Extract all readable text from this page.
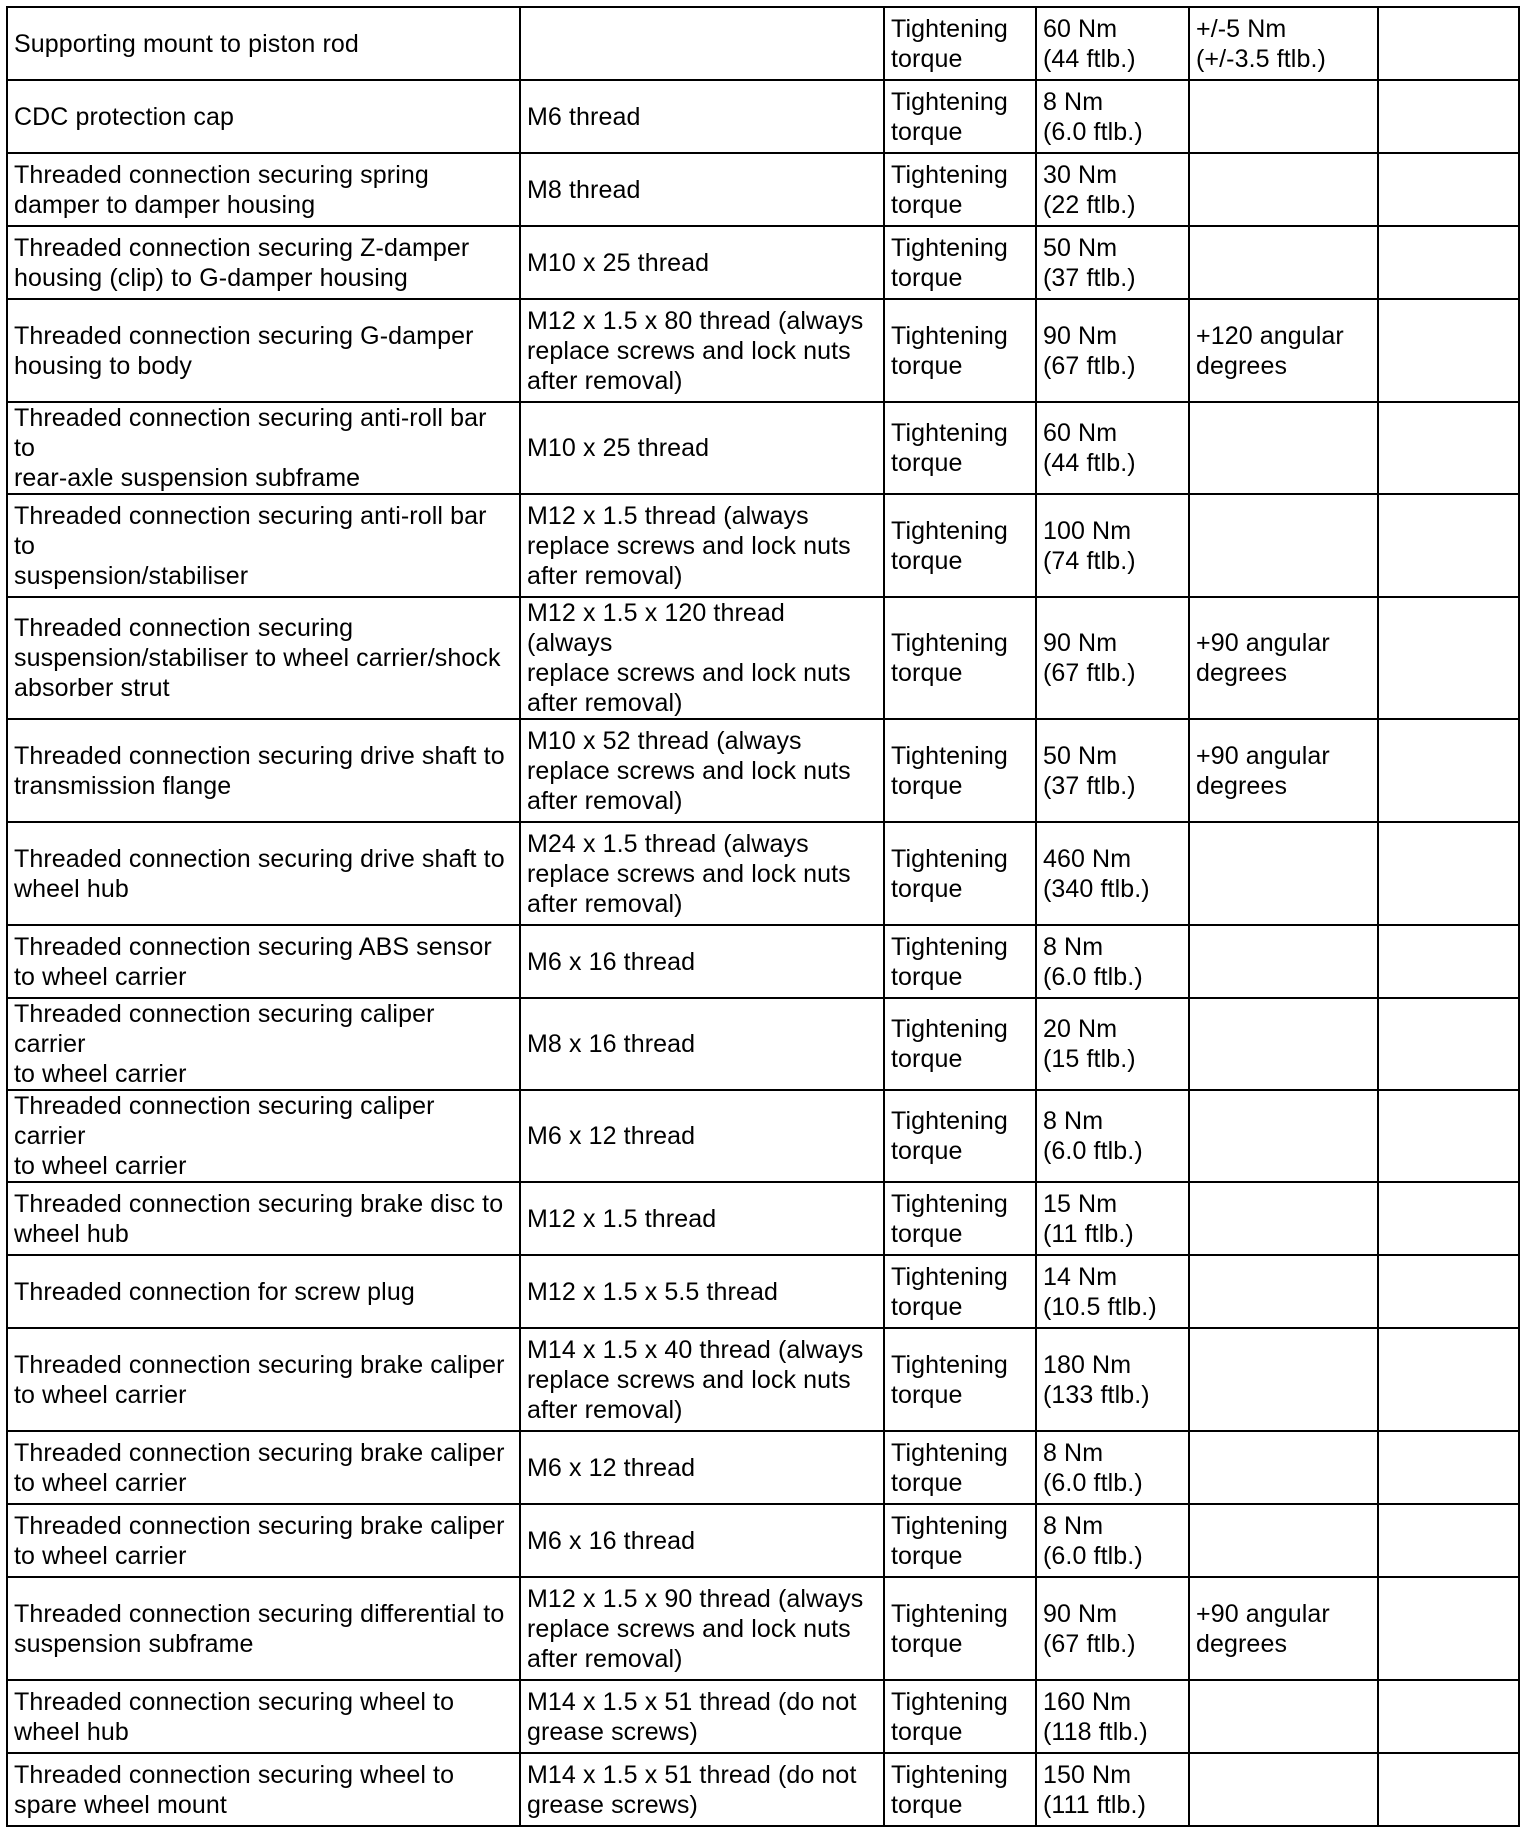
Supporting mount to piston rod		Tightening
torque	60 Nm
(44 ftlb.)	+/-5 Nm
(+/-3.5 ftlb.)	
CDC protection cap	M6 thread	Tightening
torque	8 Nm
(6.0 ftlb.)		
Threaded connection securing spring
damper to damper housing	M8 thread	Tightening
torque	30 Nm
(22 ftlb.)		
Threaded connection securing Z-damper
housing (clip) to G-damper housing	M10 x 25 thread	Tightening
torque	50 Nm
(37 ftlb.)		
Threaded connection securing G-damper
housing to body	M12 x 1.5 x 80 thread (always
replace screws and lock nuts
after removal)	Tightening
torque	90 Nm
(67 ftlb.)	+120 angular
degrees	
Threaded connection securing anti-roll bar to
rear-axle suspension subframe	M10 x 25 thread	Tightening
torque	60 Nm
(44 ftlb.)		
Threaded connection securing anti-roll bar to
suspension/stabiliser	M12 x 1.5 thread (always
replace screws and lock nuts
after removal)	Tightening
torque	100 Nm
(74 ftlb.)		
Threaded connection securing
suspension/stabiliser to wheel carrier/shock
absorber strut	M12 x 1.5 x 120 thread (always
replace screws and lock nuts
after removal)	Tightening
torque	90 Nm
(67 ftlb.)	+90 angular
degrees	
Threaded connection securing drive shaft to
transmission flange	M10 x 52 thread (always
replace screws and lock nuts
after removal)	Tightening
torque	50 Nm
(37 ftlb.)	+90 angular
degrees	
Threaded connection securing drive shaft to
wheel hub	M24 x 1.5 thread (always
replace screws and lock nuts
after removal)	Tightening
torque	460 Nm
(340 ftlb.)		
Threaded connection securing ABS sensor
to wheel carrier	M6 x 16 thread	Tightening
torque	8 Nm
(6.0 ftlb.)		
Threaded connection securing caliper carrier
to wheel carrier	M8 x 16 thread	Tightening
torque	20 Nm
(15 ftlb.)		
Threaded connection securing caliper carrier
to wheel carrier	M6 x 12 thread	Tightening
torque	8 Nm
(6.0 ftlb.)		
Threaded connection securing brake disc to
wheel hub	M12 x 1.5 thread	Tightening
torque	15 Nm
(11 ftlb.)		
Threaded connection for screw plug	M12 x 1.5 x 5.5 thread	Tightening
torque	14 Nm
(10.5 ftlb.)		
Threaded connection securing brake caliper
to wheel carrier	M14 x 1.5 x 40 thread (always
replace screws and lock nuts
after removal)	Tightening
torque	180 Nm
(133 ftlb.)		
Threaded connection securing brake caliper
to wheel carrier	M6 x 12 thread	Tightening
torque	8 Nm
(6.0 ftlb.)		
Threaded connection securing brake caliper
to wheel carrier	M6 x 16 thread	Tightening
torque	8 Nm
(6.0 ftlb.)		
Threaded connection securing differential to
suspension subframe	M12 x 1.5 x 90 thread (always
replace screws and lock nuts
after removal)	Tightening
torque	90 Nm
(67 ftlb.)	+90 angular
degrees	
Threaded connection securing wheel to
wheel hub	M14 x 1.5 x 51 thread (do not
grease screws)	Tightening
torque	160 Nm
(118 ftlb.)		
Threaded connection securing wheel to
spare wheel mount	M14 x 1.5 x 51 thread (do not
grease screws)	Tightening
torque	150 Nm
(111 ftlb.)		
